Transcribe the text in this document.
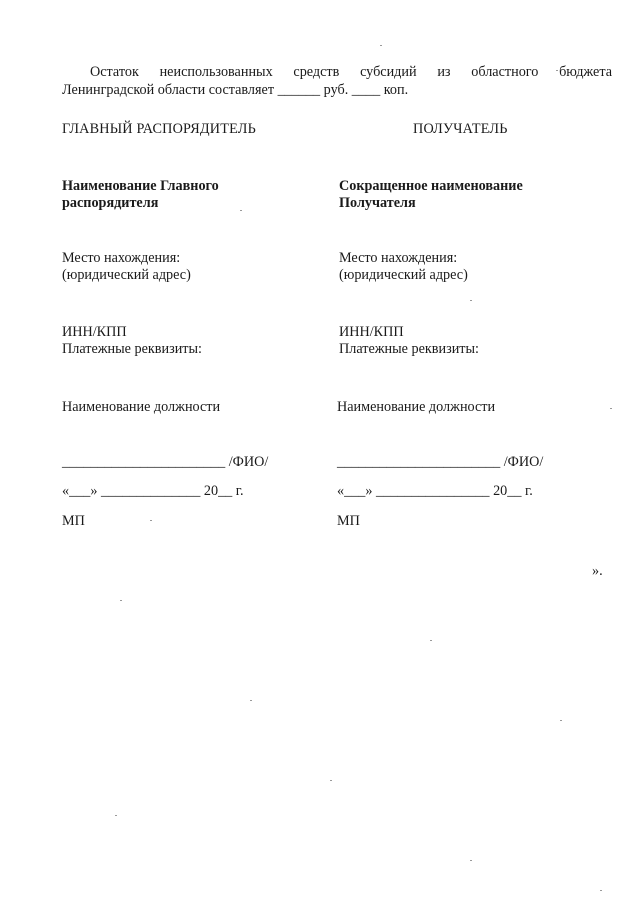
Остаток неиспользованных средств субсидий из областного бюджета
Ленинградской области составляет ______ руб. ____ коп.
ГЛАВНЫЙ РАСПОРЯДИТЕЛЬ
Наименование Главного
распорядителя
Место нахождения:
(юридический адрес)
ИНН/КПП
Платежные реквизиты:
Наименование должности
_______________________ /ФИО/
«___» ______________ 20__ г.
МП
ПОЛУЧАТЕЛЬ
Сокращенное наименование
Получателя
Место нахождения:
(юридический адрес)
ИНН/КПП
Платежные реквизиты:
Наименование должности
_______________________ /ФИО/
«___» ________________ 20__ г.
МП
».
